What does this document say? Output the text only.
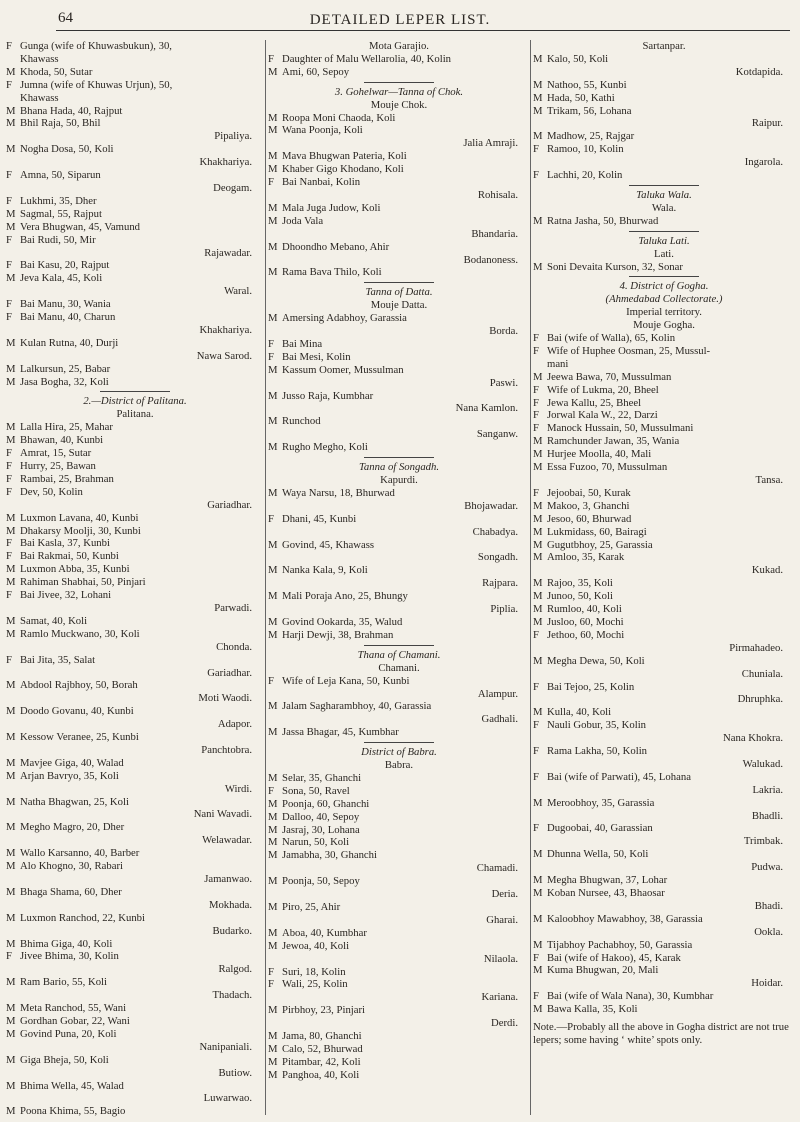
64	DETAILED LEPER LIST.
F Gunga (wife of Khuwasbukun), 30,
Khawass
M Khoda, 50, Sutar
F Jumna (wife of Khuwas Urjun), 50,
Khawass
M Bhana Hada, 40, Rajput
M Bhil Raja, 50, Bhil
Pipaliya.
M Nogha Dosa, 50, Koli
Khakhariya.
F Amna, 50, Siparun
Deogam.
F Lukhmi, 35, Dher
M Sagmal, 55, Rajput
M Vera Bhugwan, 45, Vamund
F Bai Rudi, 50, Mir
Rajawadar.
F Bai Kasu, 20, Rajput
M Jeva Kala, 45, Koli
Waral.
F Bai Manu, 30, Wania
F Bai Manu, 40, Charun
Khakhariya.
M Kulan Rutna, 40, Durji
Nawa Sarod.
M Lalkursun, 25, Babar
M Jasa Bogha, 32, Koli
2.—District of Palitana.
Palitana.
M Lalla Hira, 25, Mahar
M Bhawan, 40, Kunbi
F Amrat, 15, Sutar
F Hurry, 25, Bawan
F Rambai, 25, Brahman
F Dev, 50, Kolin
Gariadhar.
M Luxmon Lavana, 40, Kunbi
M Dhakarsy Moolji, 30, Kunbi
F Bai Kasla, 37, Kunbi
F Bai Rakmai, 50, Kunbi
M Luxmon Abba, 35, Kunbi
M Rahiman Shabhai, 50, Pinjari
F Bai Jivee, 32, Lohani
Parwadi.
M Samat, 40, Koli
M Ramlo Muckwano, 30, Koli
Chonda.
F Bai Jita, 35, Salat
Gariadhar.
M Abdool Rajbhoy, 50, Borah
Moti Waodi.
M Doodo Govanu, 40, Kunbi
Adapor.
M Kessow Veranee, 25, Kunbi
Panchtobra.
M Mavjee Giga, 40, Walad
M Arjan Bavryo, 35, Koli
Wirdi.
M Natha Bhagwan, 25, Koli
Nani Wavadi.
M Megho Magro, 20, Dher
Welawadar.
M Wallo Karsanno, 40, Barber
M Alo Khogno, 30, Rabari
Jamanwao.
M Bhaga Shama, 60, Dher
Mokhada.
M Luxmon Ranchod, 22, Kunbi
Budarko.
M Bhima Giga, 40, Koli
F Jivee Bhima, 30, Kolin
Ralgod.
M Ram Bario, 55, Koli
Thadach.
M Meta Ranchod, 55, Wani
M Gordhan Gobar, 22, Wani
M Govind Puna, 20, Koli
Nanipaniali.
M Giga Bheja, 50, Koli
Butiow.
M Bhima Wella, 45, Walad
Luwarwao.
M Poona Khima, 55, Bagio
Mota Garajio.
F Daughter of Malu Wellarolia, 40, Kolin
M Ami, 60, Sepoy
3. Gohelwar—Tanna of Chok.
Mouje Chok.
M Roopa Moni Chaoda, Koli
M Wana Poonja, Koli
Jalia Amraji.
M Mava Bhugwan Pateria, Koli
M Khaber Gigo Khodano, Koli
F Bai Nanbai, Kolin
Rohisala.
M Mala Juga Judow, Koli
M Joda Vala
Bhandaria.
M Dhoondho Mebano, Ahir
Bodanoness.
M Rama Bava Thilo, Koli
Tanna of Datta.
Mouje Datta.
M Amersing Adabhoy, Garassia
Borda.
F Bai Mina
F Bai Mesi, Kolin
M Kassum Oomer, Mussulman
Paswi.
M Jusso Raja, Kumbhar
Nana Kamlon.
M Runchod
Sanganw.
M Rugho Megho, Koli
Tanna of Songadh.
Kapurdi.
M Waya Narsu, 18, Bhurwad
Bhojawadar.
F Dhani, 45, Kunbi
Chabadya.
M Govind, 45, Khawass
Songadh.
M Nanka Kala, 9, Koli
Rajpara.
M Mali Poraja Ano, 25, Bhungy
Piplia.
M Govind Ookarda, 35, Walud
M Harji Dewji, 38, Brahman
Thana of Chamani.
Chamani.
F Wife of Leja Kana, 50, Kunbi
Alampur.
M Jalam Sagharambhoy, 40, Garassia
Gadhali.
M Jassa Bhagar, 45, Kumbhar
District of Babra.
Babra.
M Selar, 35, Ghanchi
F Sona, 50, Ravel
M Poonja, 60, Ghanchi
M Dalloo, 40, Sepoy
M Jasraj, 30, Lohana
M Narun, 50, Koli
M Jamabha, 30, Ghanchi
Chamadi.
M Poonja, 50, Sepoy
Deria.
M Piro, 25, Ahir
Gharai.
M Aboa, 40, Kumbhar
M Jewoa, 40, Koli
Nilaola.
F Suri, 18, Kolin
F Wali, 25, Kolin
Kariana.
M Pirbhoy, 23, Pinjari
Derdi.
M Jama, 80, Ghanchi
M Calo, 52, Bhurwad
M Pitambar, 42, Koli
M Panghoa, 40, Koli
Sartanpar.
M Kalo, 50, Koli
Kotdapida.
M Nathoo, 55, Kunbi
M Hada, 50, Kathi
M Trikam, 56, Lohana
Raipur.
M Madhow, 25, Rajgar
F Ramoo, 10, Kolin
Ingarola.
F Lachhi, 20, Kolin
Taluka Wala.
Wala.
M Ratna Jasha, 50, Bhurwad
Taluka Lati.
Lati.
M Soni Devaita Kurson, 32, Sonar
4. District of Gogha.
(Ahmedabad Collectorate.)
Imperial territory.
Mouje Gogha.
F Bai (wife of Walla), 65, Kolin
F Wife of Huphee Oosman, 25, Mussul-
mani
M Jeewa Bawa, 70, Mussulman
F Wife of Lukma, 20, Bheel
F Jewa Kallu, 25, Bheel
F Jorwal Kala W., 22, Darzi
F Manock Hussain, 50, Mussulmani
M Ramchunder Jawan, 35, Wania
M Hurjee Moolla, 40, Mali
M Essa Fuzoo, 70, Mussulman
Tansa.
F Jejoobai, 50, Kurak
M Makoo, 3, Ghanchi
M Jesoo, 60, Bhurwad
M Lukmidass, 60, Bairagi
M Gugutbhoy, 25, Garassia
M Amloo, 35, Karak
Kukad.
M Rajoo, 35, Koli
M Junoo, 50, Koli
M Rumloo, 40, Koli
M Jusloo, 60, Mochi
F Jethoo, 60, Mochi
Pirmahadeo.
M Megha Dewa, 50, Koli
Chuniala.
F Bai Tejoo, 25, Kolin
Dhruphka.
M Kulla, 40, Koli
F Nauli Gobur, 35, Kolin
Nana Khokra.
F Rama Lakha, 50, Kolin
Walukad.
F Bai (wife of Parwati), 45, Lohana
Lakria.
M Meroobhoy, 35, Garassia
Bhadli.
F Dugoobai, 40, Garassian
Trimbak.
M Dhunna Wella, 50, Koli
Pudwa.
M Megha Bhugwan, 37, Lohar
M Koban Nursee, 43, Bhaosar
Bhadi.
M Kaloobhoy Mawabhoy, 38, Garassia
Ookla.
M Tijabhoy Pachabhoy, 50, Garassia
F Bai (wife of Hakoo), 45, Karak
M Kuma Bhugwan, 20, Mali
Hoidar.
F Bai (wife of Wala Nana), 30, Kumbhar
M Bawa Kalla, 35, Koli
Note.—Probably all the above in Gogha district are not true lepers; some having ‘ white’ spots only.
